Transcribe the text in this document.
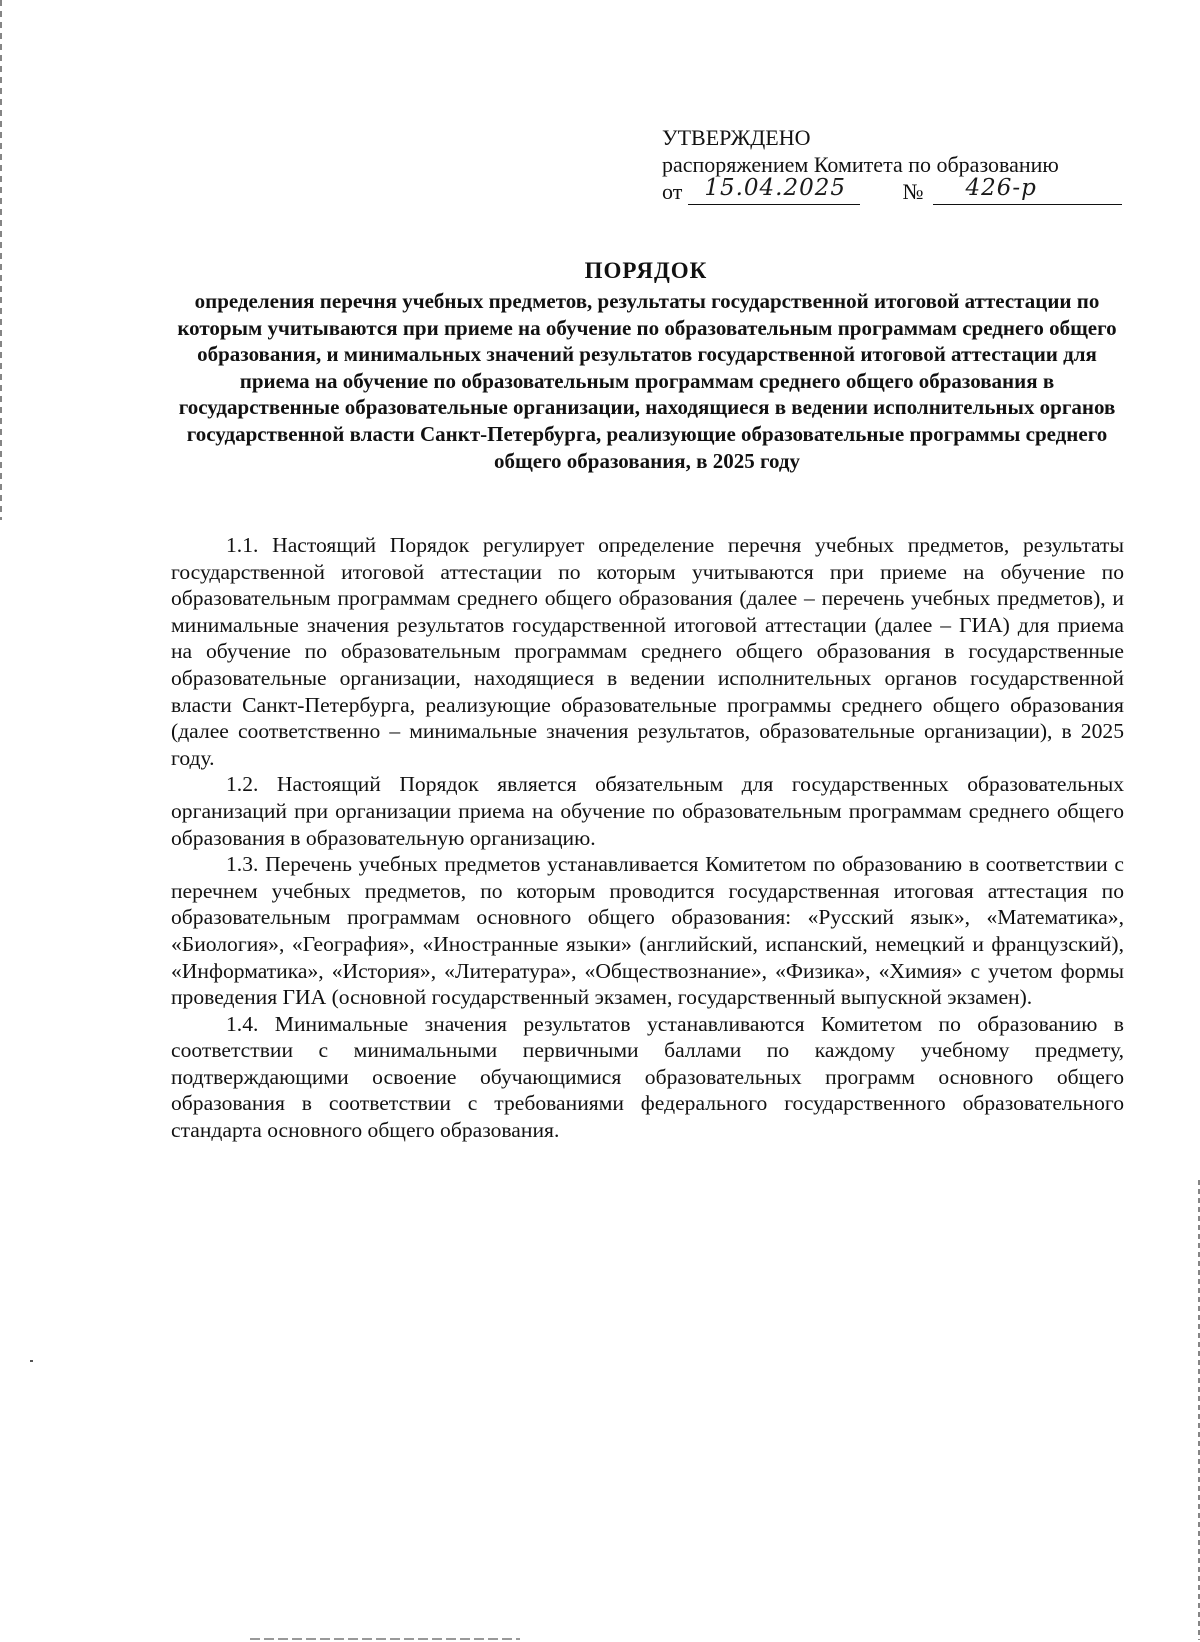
УТВЕРЖДЕНО
распоряжением Комитета по образованию
от 15.04.2025	№ 426-р
ПОРЯДОК
определения перечня учебных предметов, результаты государственной итоговой аттестации по которым учитываются при приеме на обучение по образовательным программам среднего общего образования, и минимальных значений результатов государственной итоговой аттестации для приема на обучение по образовательным программам среднего общего образования в государственные образовательные организации, находящиеся в ведении исполнительных органов государственной власти Санкт-Петербурга, реализующие образовательные программы среднего общего образования, в 2025 году

1.1. Настоящий Порядок регулирует определение перечня учебных предметов, результаты государственной итоговой аттестации по которым учитываются при приеме на обучение по образовательным программам среднего общего образования (далее – перечень учебных предметов), и минимальные значения результатов государственной итоговой аттестации (далее – ГИА) для приема на обучение по образовательным программам среднего общего образования в государственные образовательные организации, находящиеся в ведении исполнительных органов государственной власти Санкт-Петербурга, реализующие образовательные программы среднего общего образования (далее соответственно – минимальные значения результатов, образовательные организации), в 2025 году.

1.2. Настоящий Порядок является обязательным для государственных образовательных организаций при организации приема на обучение по образовательным программам среднего общего образования в образовательную организацию.

1.3. Перечень учебных предметов устанавливается Комитетом по образованию в соответствии с перечнем учебных предметов, по которым проводится государственная итоговая аттестация по образовательным программам основного общего образования: «Русский язык», «Математика», «Биология», «География», «Иностранные языки» (английский, испанский, немецкий и французский), «Информатика», «История», «Литература», «Обществознание», «Физика», «Химия» с учетом формы проведения ГИА (основной государственный экзамен, государственный выпускной экзамен).

1.4. Минимальные значения результатов устанавливаются Комитетом по образованию в соответствии с минимальными первичными баллами по каждому учебному предмету, подтверждающими освоение обучающимися образовательных программ основного общего образования в соответствии с требованиями федерального государственного образовательного стандарта основного общего образования.
